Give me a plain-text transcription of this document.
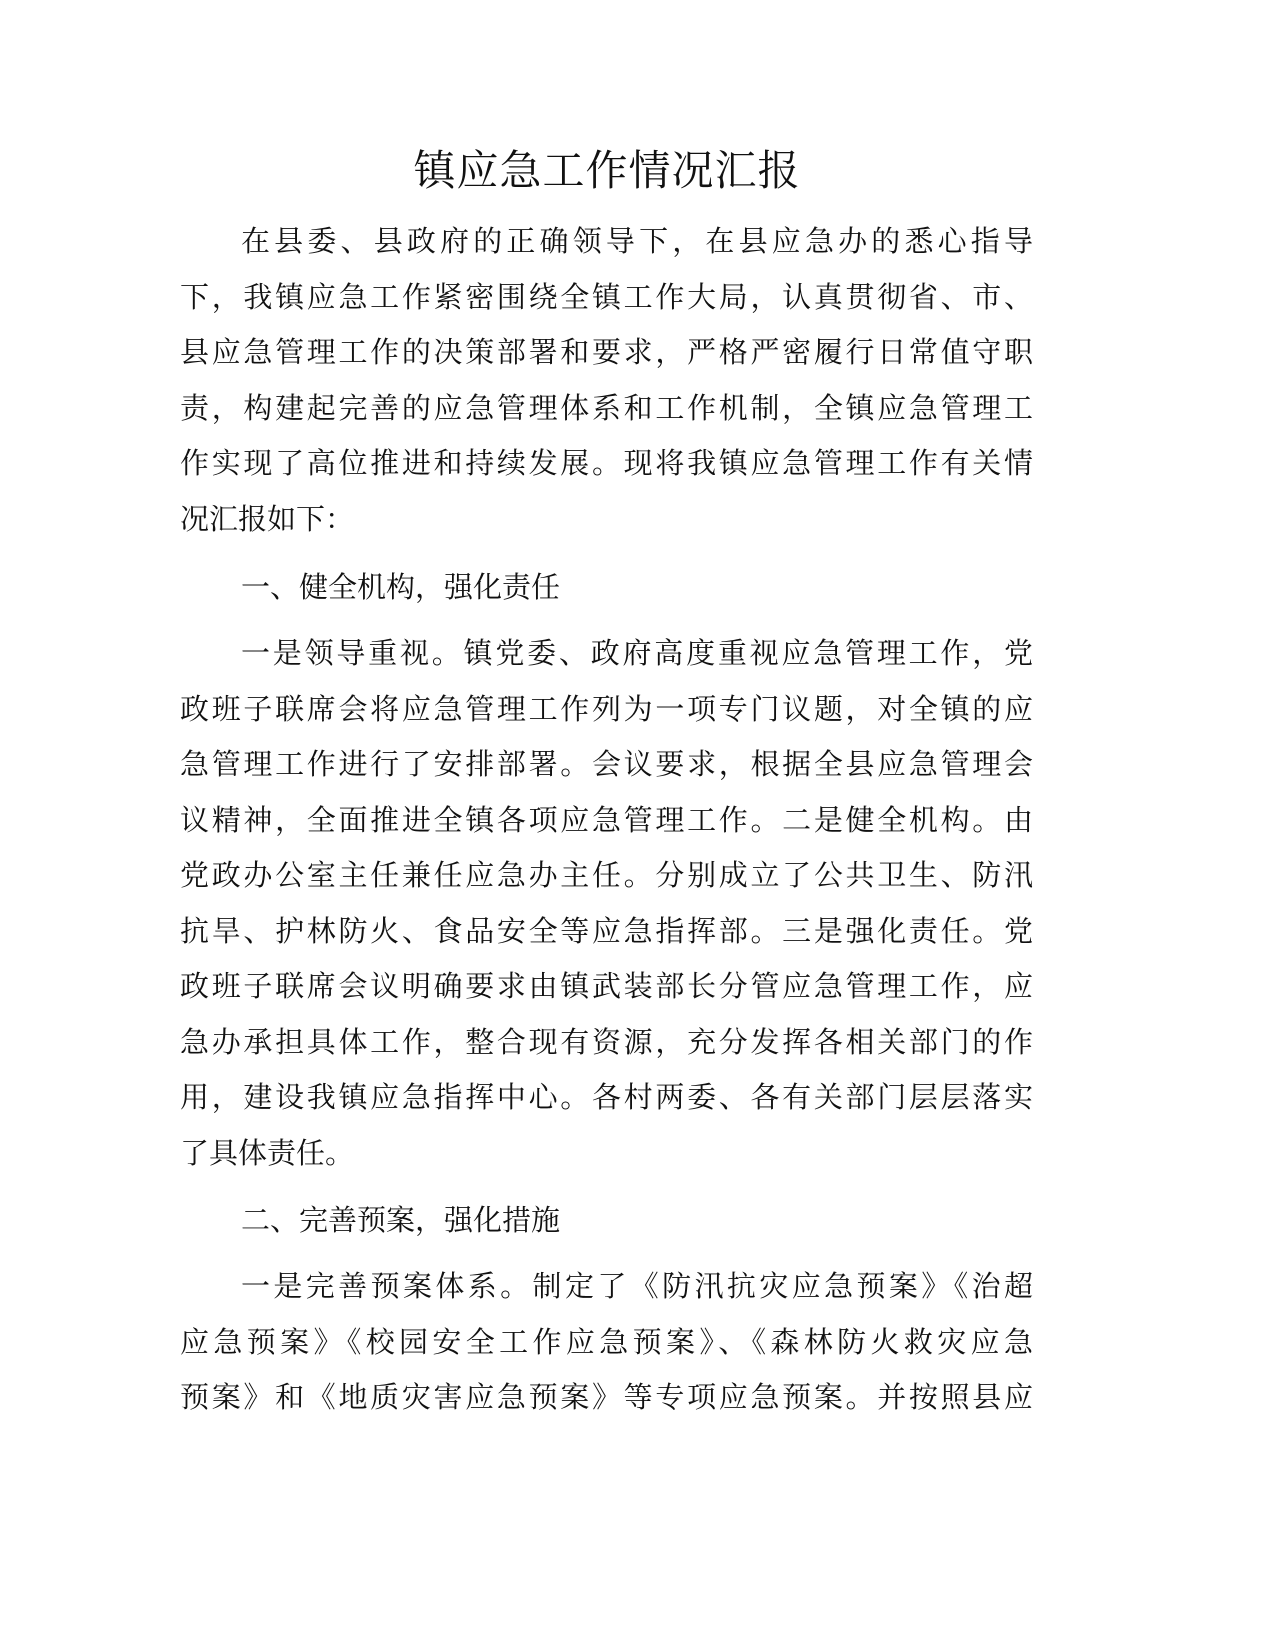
镇应急工作情况汇报
在县委、县政府的正确领导下，在县应急办的悉心指导
下，我镇应急工作紧密围绕全镇工作大局，认真贯彻省、市、
县应急管理工作的决策部署和要求，严格严密履行日常值守职
责，构建起完善的应急管理体系和工作机制，全镇应急管理工
作实现了高位推进和持续发展。现将我镇应急管理工作有关情
况汇报如下：
一、健全机构，强化责任
一是领导重视。镇党委、政府高度重视应急管理工作，党
政班子联席会将应急管理工作列为一项专门议题，对全镇的应
急管理工作进行了安排部署。会议要求，根据全县应急管理会
议精神，全面推进全镇各项应急管理工作。二是健全机构。由
党政办公室主任兼任应急办主任。分别成立了公共卫生、防汛
抗旱、护林防火、食品安全等应急指挥部。三是强化责任。党
政班子联席会议明确要求由镇武装部长分管应急管理工作，应
急办承担具体工作，整合现有资源，充分发挥各相关部门的作
用，建设我镇应急指挥中心。各村两委、各有关部门层层落实
了具体责任。
二、完善预案，强化措施
一是完善预案体系。制定了《防汛抗灾应急预案》《治超
应急预案》《校园安全工作应急预案》、《森林防火救灾应急
预案》和《地质灾害应急预案》等专项应急预案。并按照县应
